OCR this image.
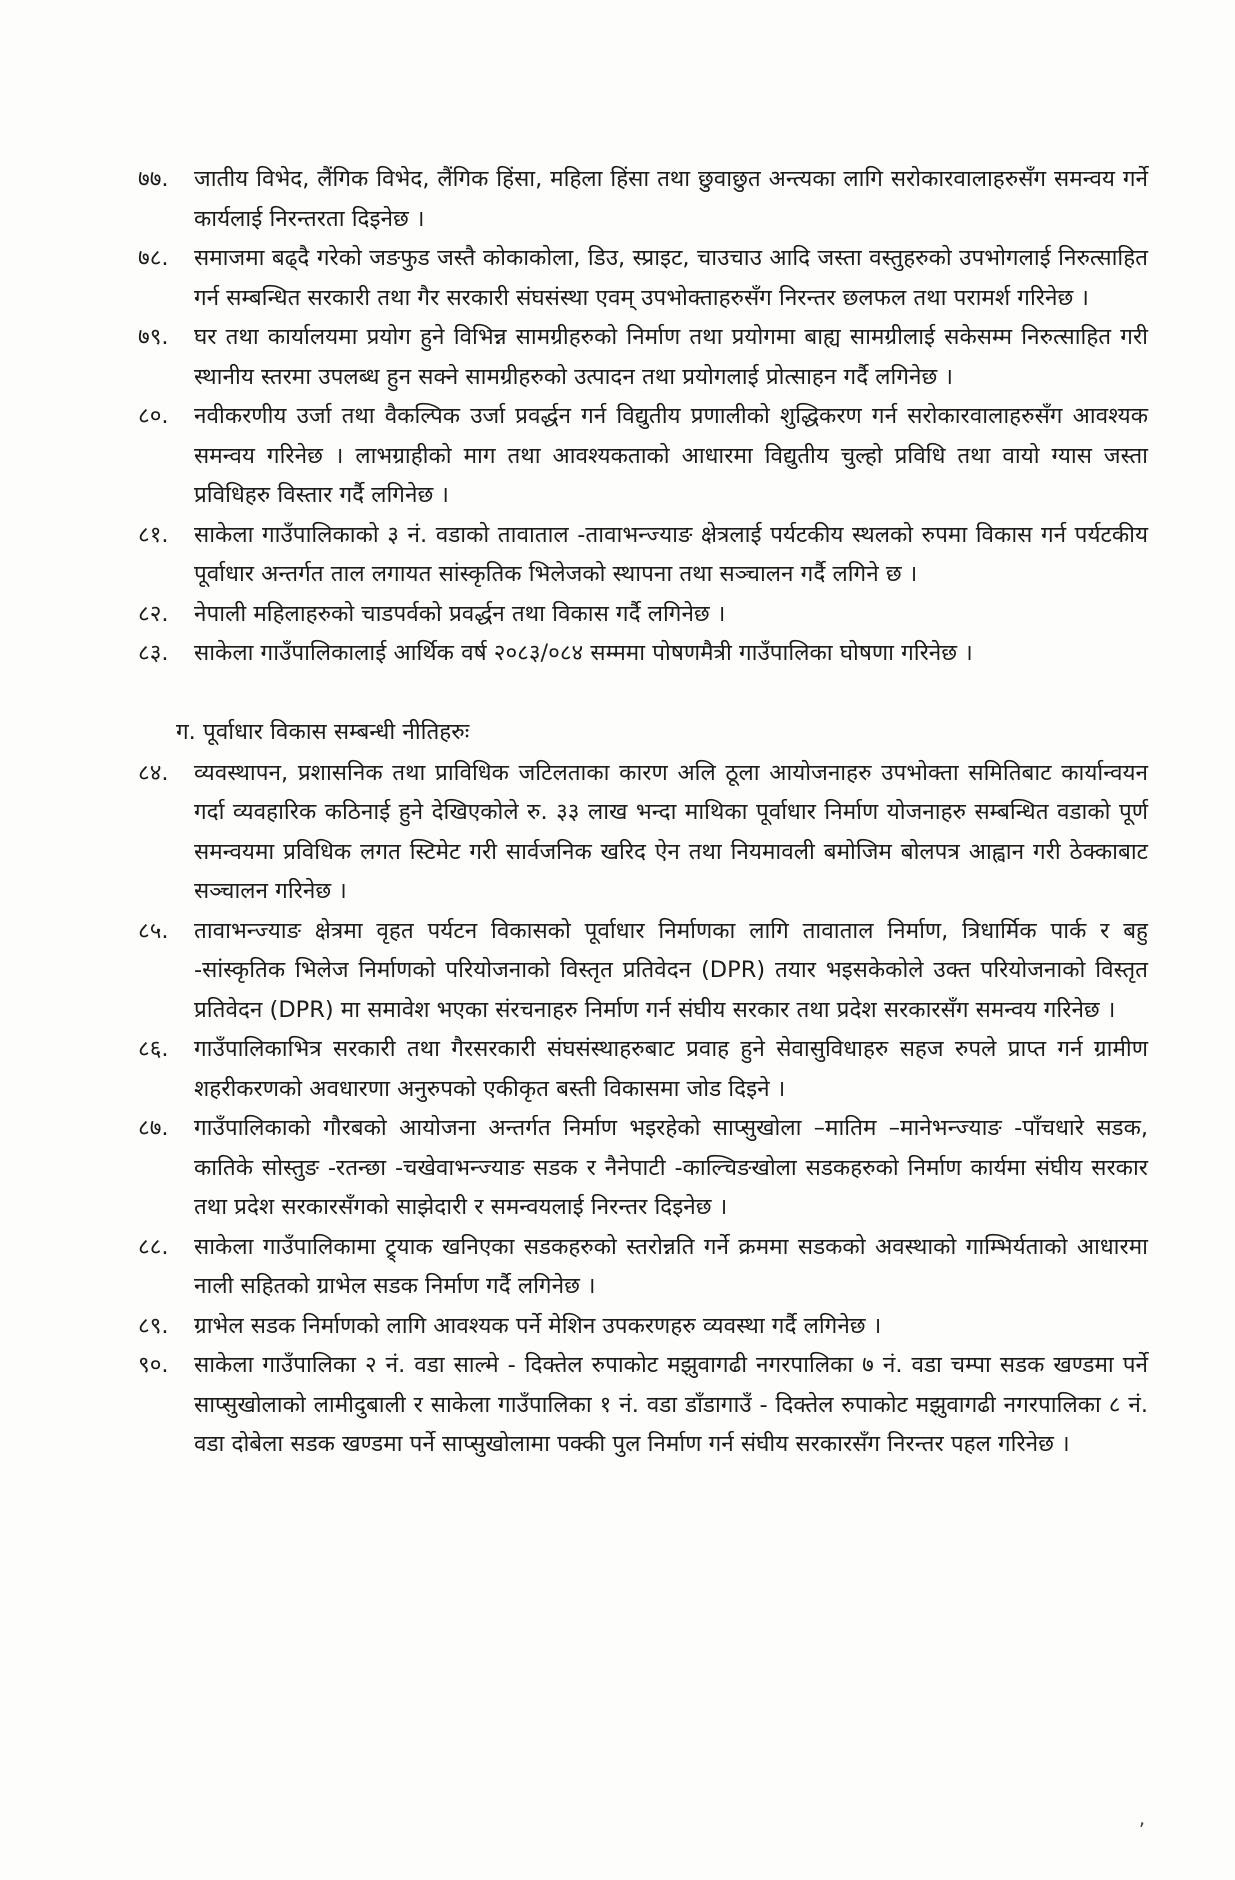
७७.	जातीय विभेद, लैंगिक विभेद, लैंगिक हिंसा, महिला हिंसा तथा छुवाछुत अन्त्यका लागि सरोकारवालाहरुसँग समन्वय गर्ने कार्यलाई निरन्तरता दिइनेछ ।
७८.	समाजमा बढ्दै गरेको जङफुड जस्तै कोकाकोला, डिउ, स्प्राइट, चाउचाउ आदि जस्ता वस्तुहरुको उपभोगलाई निरुत्साहित गर्न सम्बन्धित सरकारी तथा गैर सरकारी संघसंस्था एवम् उपभोक्ताहरुसँग निरन्तर छलफल तथा परामर्श गरिनेछ ।
७९.	घर तथा कार्यालयमा प्रयोग हुने विभिन्न सामग्रीहरुको निर्माण तथा प्रयोगमा बाह्य सामग्रीलाई सकेसम्म निरुत्साहित गरी स्थानीय स्तरमा उपलब्ध हुन सक्ने सामग्रीहरुको उत्पादन तथा प्रयोगलाई प्रोत्साहन गर्दै लगिनेछ ।
८०.	नवीकरणीय उर्जा तथा वैकल्पिक उर्जा प्रवर्द्धन गर्न विद्युतीय प्रणालीको शुद्धिकरण गर्न सरोकारवालाहरुसँग आवश्यक समन्वय गरिनेछ । लाभग्राहीको माग तथा आवश्यकताको आधारमा विद्युतीय चुल्हो प्रविधि तथा वायो ग्यास जस्ता प्रविधिहरु विस्तार गर्दै लगिनेछ ।
८१.	साकेला गाउँपालिकाको ३ नं. वडाको तावाताल -तावाभन्ज्याङ क्षेत्रलाई पर्यटकीय स्थलको रुपमा विकास गर्न पर्यटकीय पूर्वाधार अन्तर्गत ताल लगायत सांस्कृतिक भिलेजको स्थापना तथा सञ्चालन गर्दै लगिने छ ।
८२.	नेपाली महिलाहरुको चाडपर्वको प्रवर्द्धन तथा विकास गर्दै लगिनेछ ।
८३.	साकेला गाउँपालिकालाई आर्थिक वर्ष २०८३/०८४ सम्ममा पोषणमैत्री गाउँपालिका घोषणा गरिनेछ ।
ग. पूर्वाधार विकास सम्बन्धी नीतिहरुः
८४.	व्यवस्थापन, प्रशासनिक तथा प्राविधिक जटिलताका कारण अलि ठूला आयोजनाहरु उपभोक्ता समितिबाट कार्यान्वयन गर्दा व्यवहारिक कठिनाई हुने देखिएकोले रु. ३३ लाख भन्दा माथिका पूर्वाधार निर्माण योजनाहरु सम्बन्धित वडाको पूर्ण समन्वयमा प्रविधिक लगत स्टिमेट गरी सार्वजनिक खरिद ऐन तथा नियमावली बमोजिम बोलपत्र आह्वान गरी ठेक्काबाट सञ्चालन गरिनेछ ।
८५.	तावाभन्ज्याङ क्षेत्रमा वृहत पर्यटन विकासको पूर्वाधार निर्माणका लागि तावाताल निर्माण, त्रिधार्मिक पार्क र बहु -सांस्कृतिक भिलेज निर्माणको परियोजनाको विस्तृत प्रतिवेदन (DPR) तयार भइसकेकोले उक्त परियोजनाको विस्तृत प्रतिवेदन (DPR) मा समावेश भएका संरचनाहरु निर्माण गर्न संघीय सरकार तथा प्रदेश सरकारसँग समन्वय गरिनेछ ।
८६.	गाउँपालिकाभित्र सरकारी तथा गैरसरकारी संघसंस्थाहरुबाट प्रवाह हुने सेवासुविधाहरु सहज रुपले प्राप्त गर्न ग्रामीण शहरीकरणको अवधारणा अनुरुपको एकीकृत बस्ती विकासमा जोड दिइने ।
८७.	गाउँपालिकाको गौरबको आयोजना अन्तर्गत निर्माण भइरहेको साप्सुखोला –मातिम –मानेभन्ज्याङ -पाँचधारे सडक, कातिके सोस्तुङ -रतन्छा -चखेवाभन्ज्याङ सडक र नैनेपाटी -काल्चिङखोला सडकहरुको निर्माण कार्यमा संघीय सरकार तथा प्रदेश सरकारसँगको साझेदारी र समन्वयलाई निरन्तर दिइनेछ ।
८८.	साकेला गाउँपालिकामा ट्र्याक खनिएका सडकहरुको स्तरोन्नति गर्ने क्रममा सडकको अवस्थाको गाम्भिर्यताको आधारमा नाली सहितको ग्राभेल सडक निर्माण गर्दै लगिनेछ ।
८९.	ग्राभेल सडक निर्माणको लागि आवश्यक पर्ने मेशिन उपकरणहरु व्यवस्था गर्दै लगिनेछ ।
९०.	साकेला गाउँपालिका २ नं. वडा साल्मे - दिक्तेल रुपाकोट मझुवागढी नगरपालिका ७ नं. वडा चम्पा सडक खण्डमा पर्ने साप्सुखोलाको लामीदुबाली र साकेला गाउँपालिका १ नं. वडा डाँडागाउँ - दिक्तेल रुपाकोट मझुवागढी नगरपालिका ८ नं. वडा दोबेला सडक खण्डमा पर्ने साप्सुखोलामा पक्की पुल निर्माण गर्न संघीय सरकारसँग निरन्तर पहल गरिनेछ ।
٬
